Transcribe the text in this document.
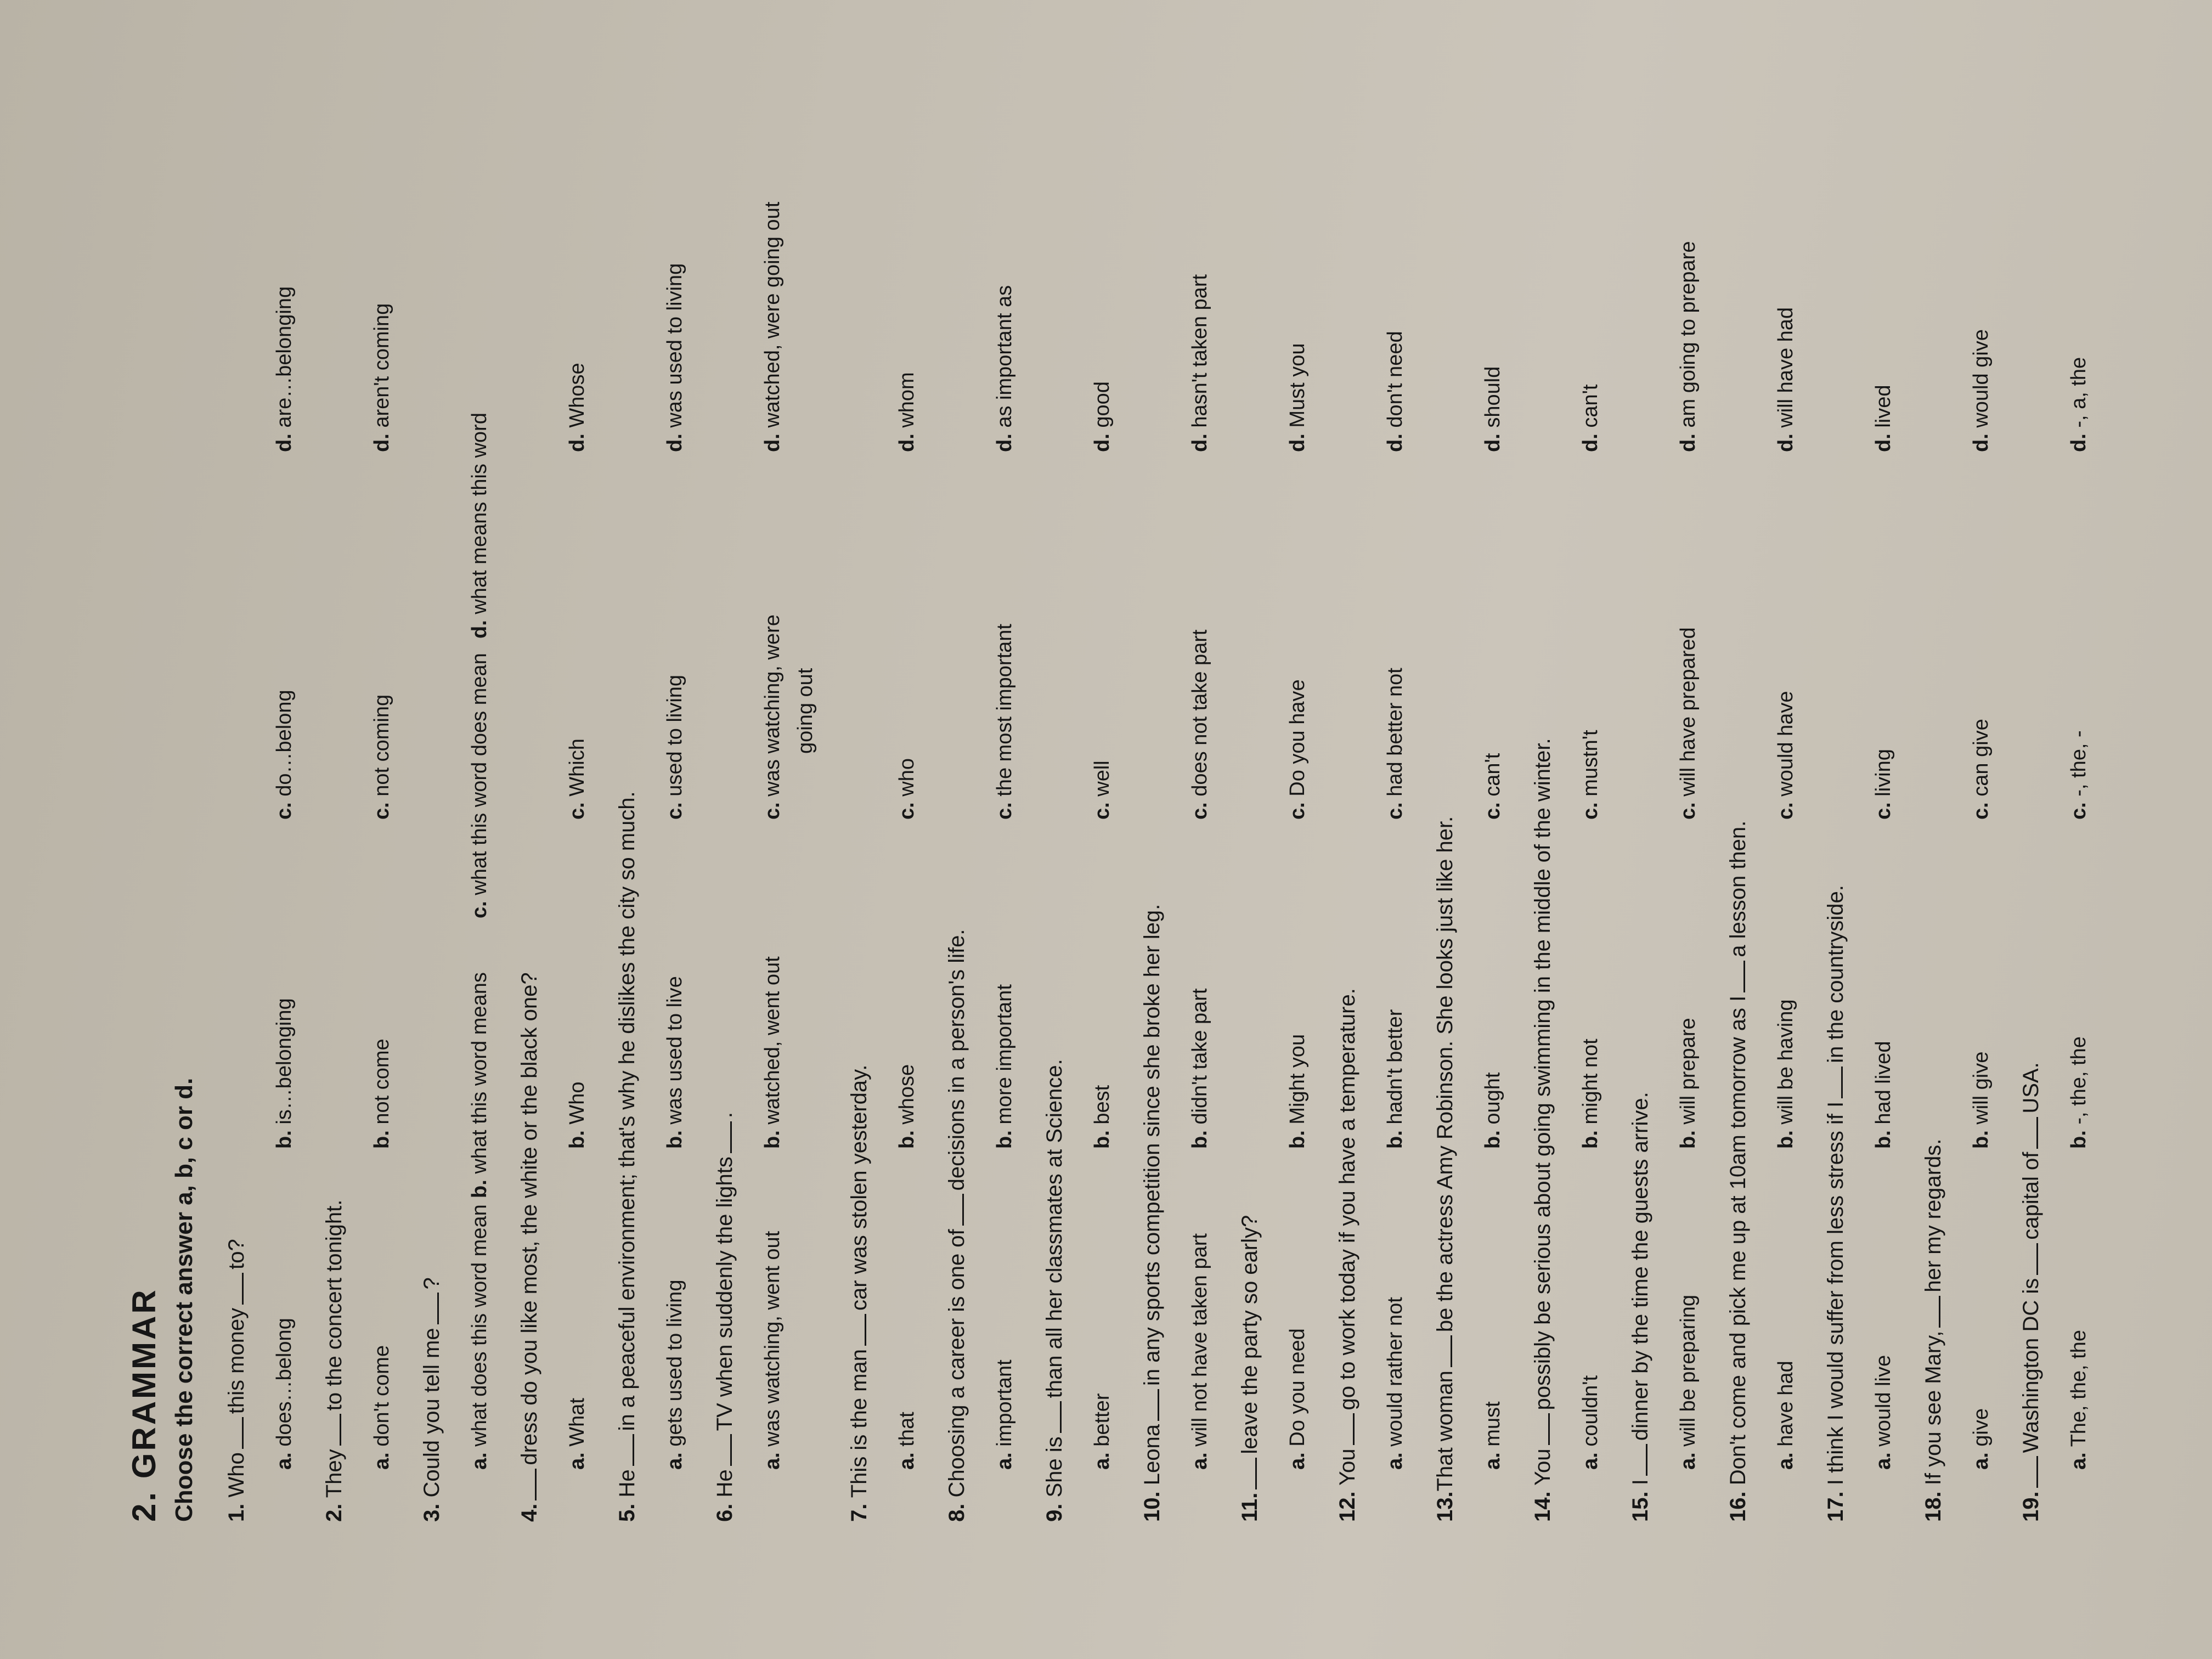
2. GRAMMAR Choose the correct answer a, b, c or d. 1. Whothis moneyto?
a. does…belong
b. is…belonging
c. do…belong
d. are…belonging
2. Theyto the concert tonight.
a. don't come
b. not come
c. not coming
d. aren't coming
3. Could you tell me?
a. what does this word mean
b. what this word means
c. what this word does mean
d. what means this word
4.dress do you like most, the white or the black one? a. What
b. Who
c. Which
d. Whose
5. Hein a peaceful environment; that's why he dislikes the city so much.
a. gets used to living
b. was used to live
c. used to living
d. was used to living
6. HeTV when suddenly the lights.
a. was watching, went out
b. watched, went out
c. was watching, were going out
d. watched, were going out
7. This is the mancar was stolen yesterday.
a. that
b. whose
c. who
d. whom
8. Choosing a career is one ofdecisions in a person's life.
a. important
b. more important
c. the most important
d. as important as
9. She isthan all her classmates at Science.
a. better
b. best
c. well
d. good
10. Leonain any sports competition since she broke her leg.
a. will not have taken part
b. didn't take part
c. does not take part
d. hasn't taken part
11.leave the party so early?
a. Do you need
b. Might you
c. Do you have
d. Must you
12. Yougo to work today if you have a temperature.
a. would rather not
b. hadn't better
c. had better not
d. don't need
13.That womanbe the actress Amy Robinson. She looks just like her.
a. must
b. ought
c. can't
d. should
14. Youpossibly be serious about going swimming in the middle of the winter.
a. couldn't
b. might not
c. mustn't
d. can't
15. Idinner by the time the guests arrive.
a. will be preparing
b. will prepare
c. will have prepared
d. am going to prepare
16. Don't come and pick me up at 10am tomorrow as Ia lesson then.
a. have had
b. will be having
c. would have
d. will have had
17. I think I would suffer from less stress if Iin the countryside.
a. would live
b. had lived
c. living
d. lived
18. If you see Mary,her my regards.
a. give
b. will give
c. can give
d. would give
19.Washington DC iscapital ofUSA.
a. The, the, the
b. -, the, the
c. -, the, -
d. -, a, the
